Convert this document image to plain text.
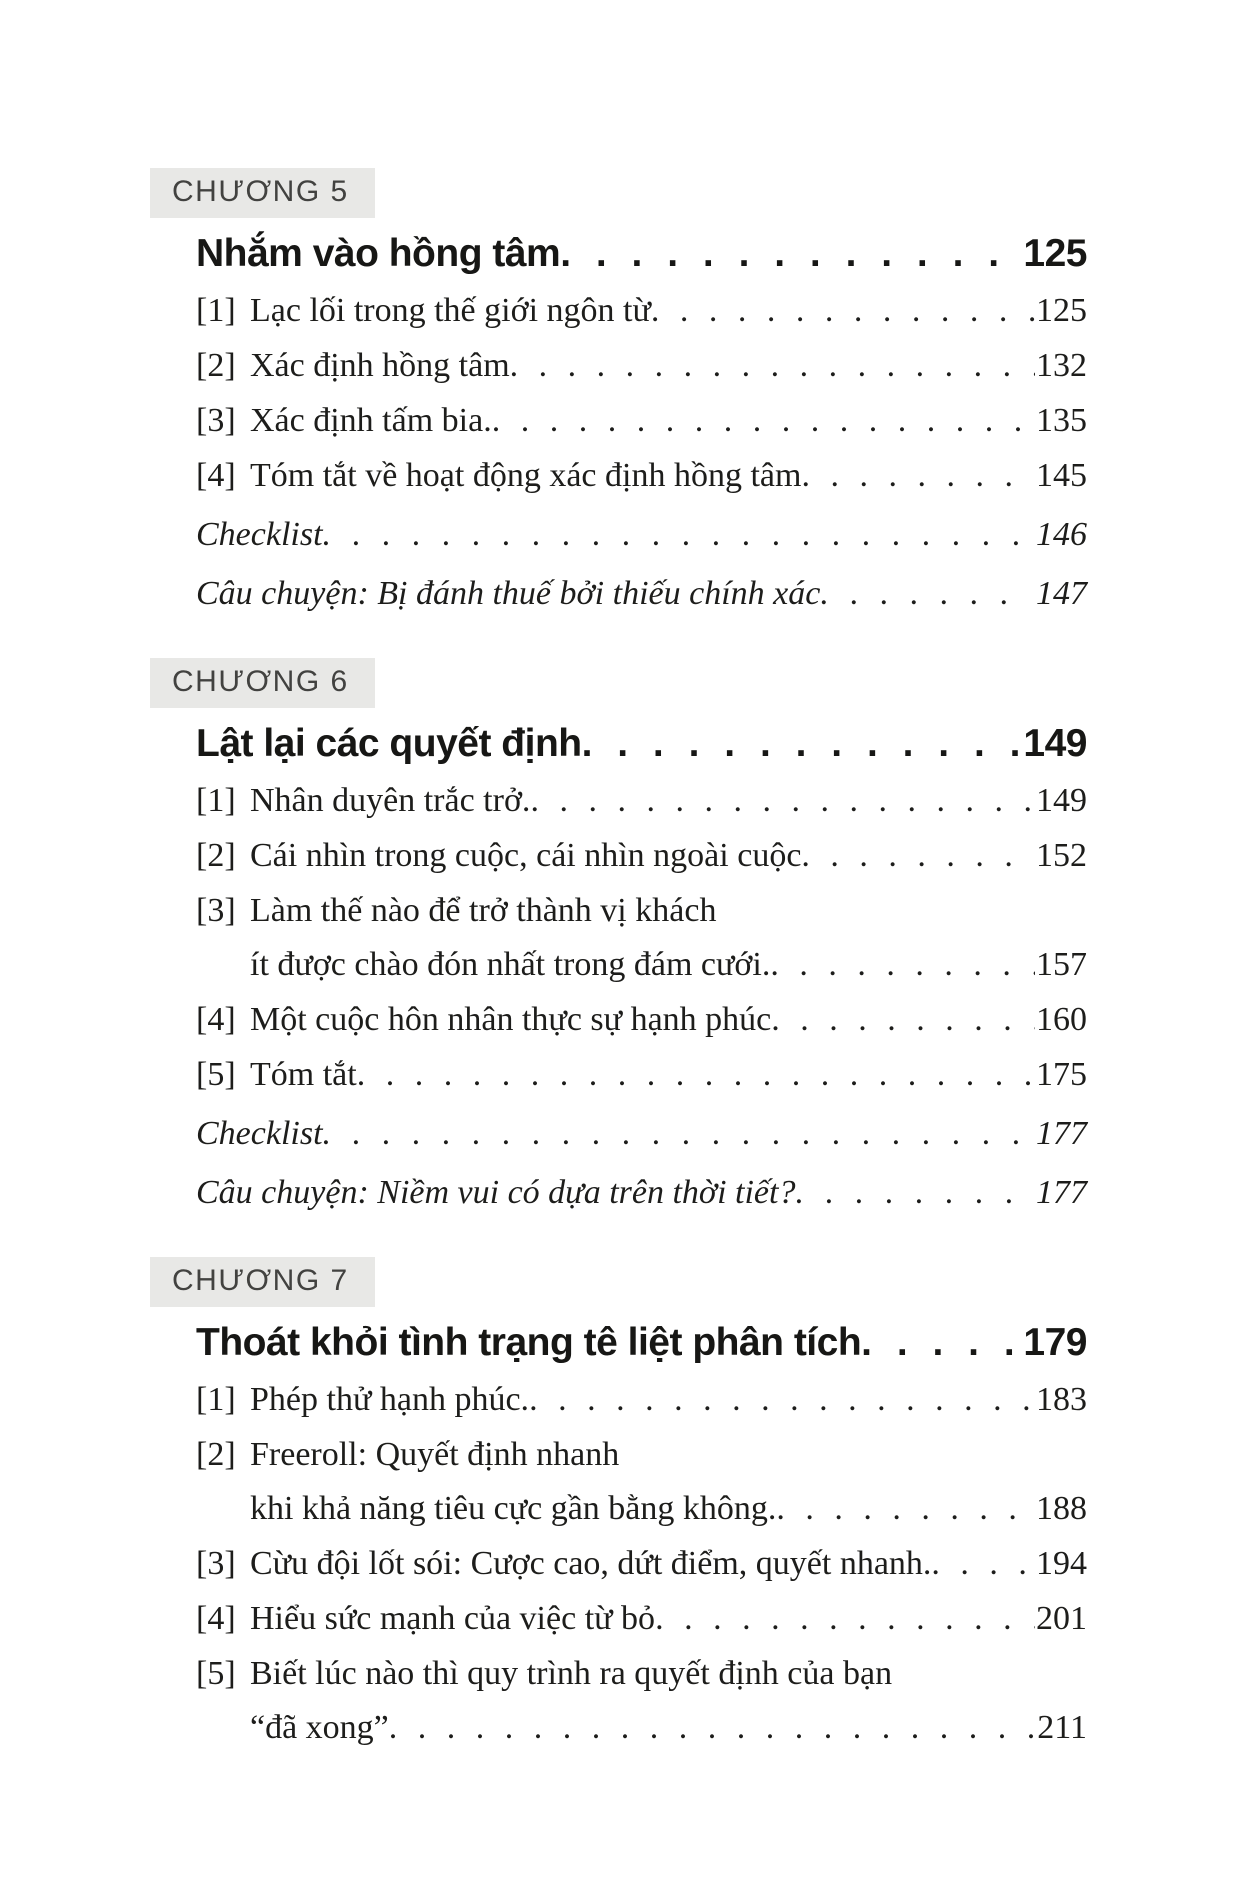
CHƯƠNG 5
Nhắm vào hồng tâm . . .	125
[1] Lạc lối trong thế giới ngôn từ . . .	125
[2] Xác định hồng tâm . . .	132
[3] Xác định tấm bia. . . .	135
[4] Tóm tắt về hoạt động xác định hồng tâm . . .	145
Checklist . . .	146
Câu chuyện: Bị đánh thuế bởi thiếu chính xác . . .	147
CHƯƠNG 6
Lật lại các quyết định . . .	149
[1] Nhân duyên trắc trở. . . .	149
[2] Cái nhìn trong cuộc, cái nhìn ngoài cuộc . . .	152
[3] Làm thế nào để trở thành vị khách
ít được chào đón nhất trong đám cưới. . . .	157
[4] Một cuộc hôn nhân thực sự hạnh phúc . . .	160
[5] Tóm tắt . . .	175
Checklist . . .	177
Câu chuyện: Niềm vui có dựa trên thời tiết? . . .	177
CHƯƠNG 7
Thoát khỏi tình trạng tê liệt phân tích . . .	179
[1] Phép thử hạnh phúc. . . .	183
[2] Freeroll: Quyết định nhanh
khi khả năng tiêu cực gần bằng không. . . .	188
[3] Cừu đội lốt sói: Cược cao, dứt điểm, quyết nhanh. . . .	194
[4] Hiểu sức mạnh của việc từ bỏ . . .	201
[5] Biết lúc nào thì quy trình ra quyết định của bạn
“đã xong” . . .	211
